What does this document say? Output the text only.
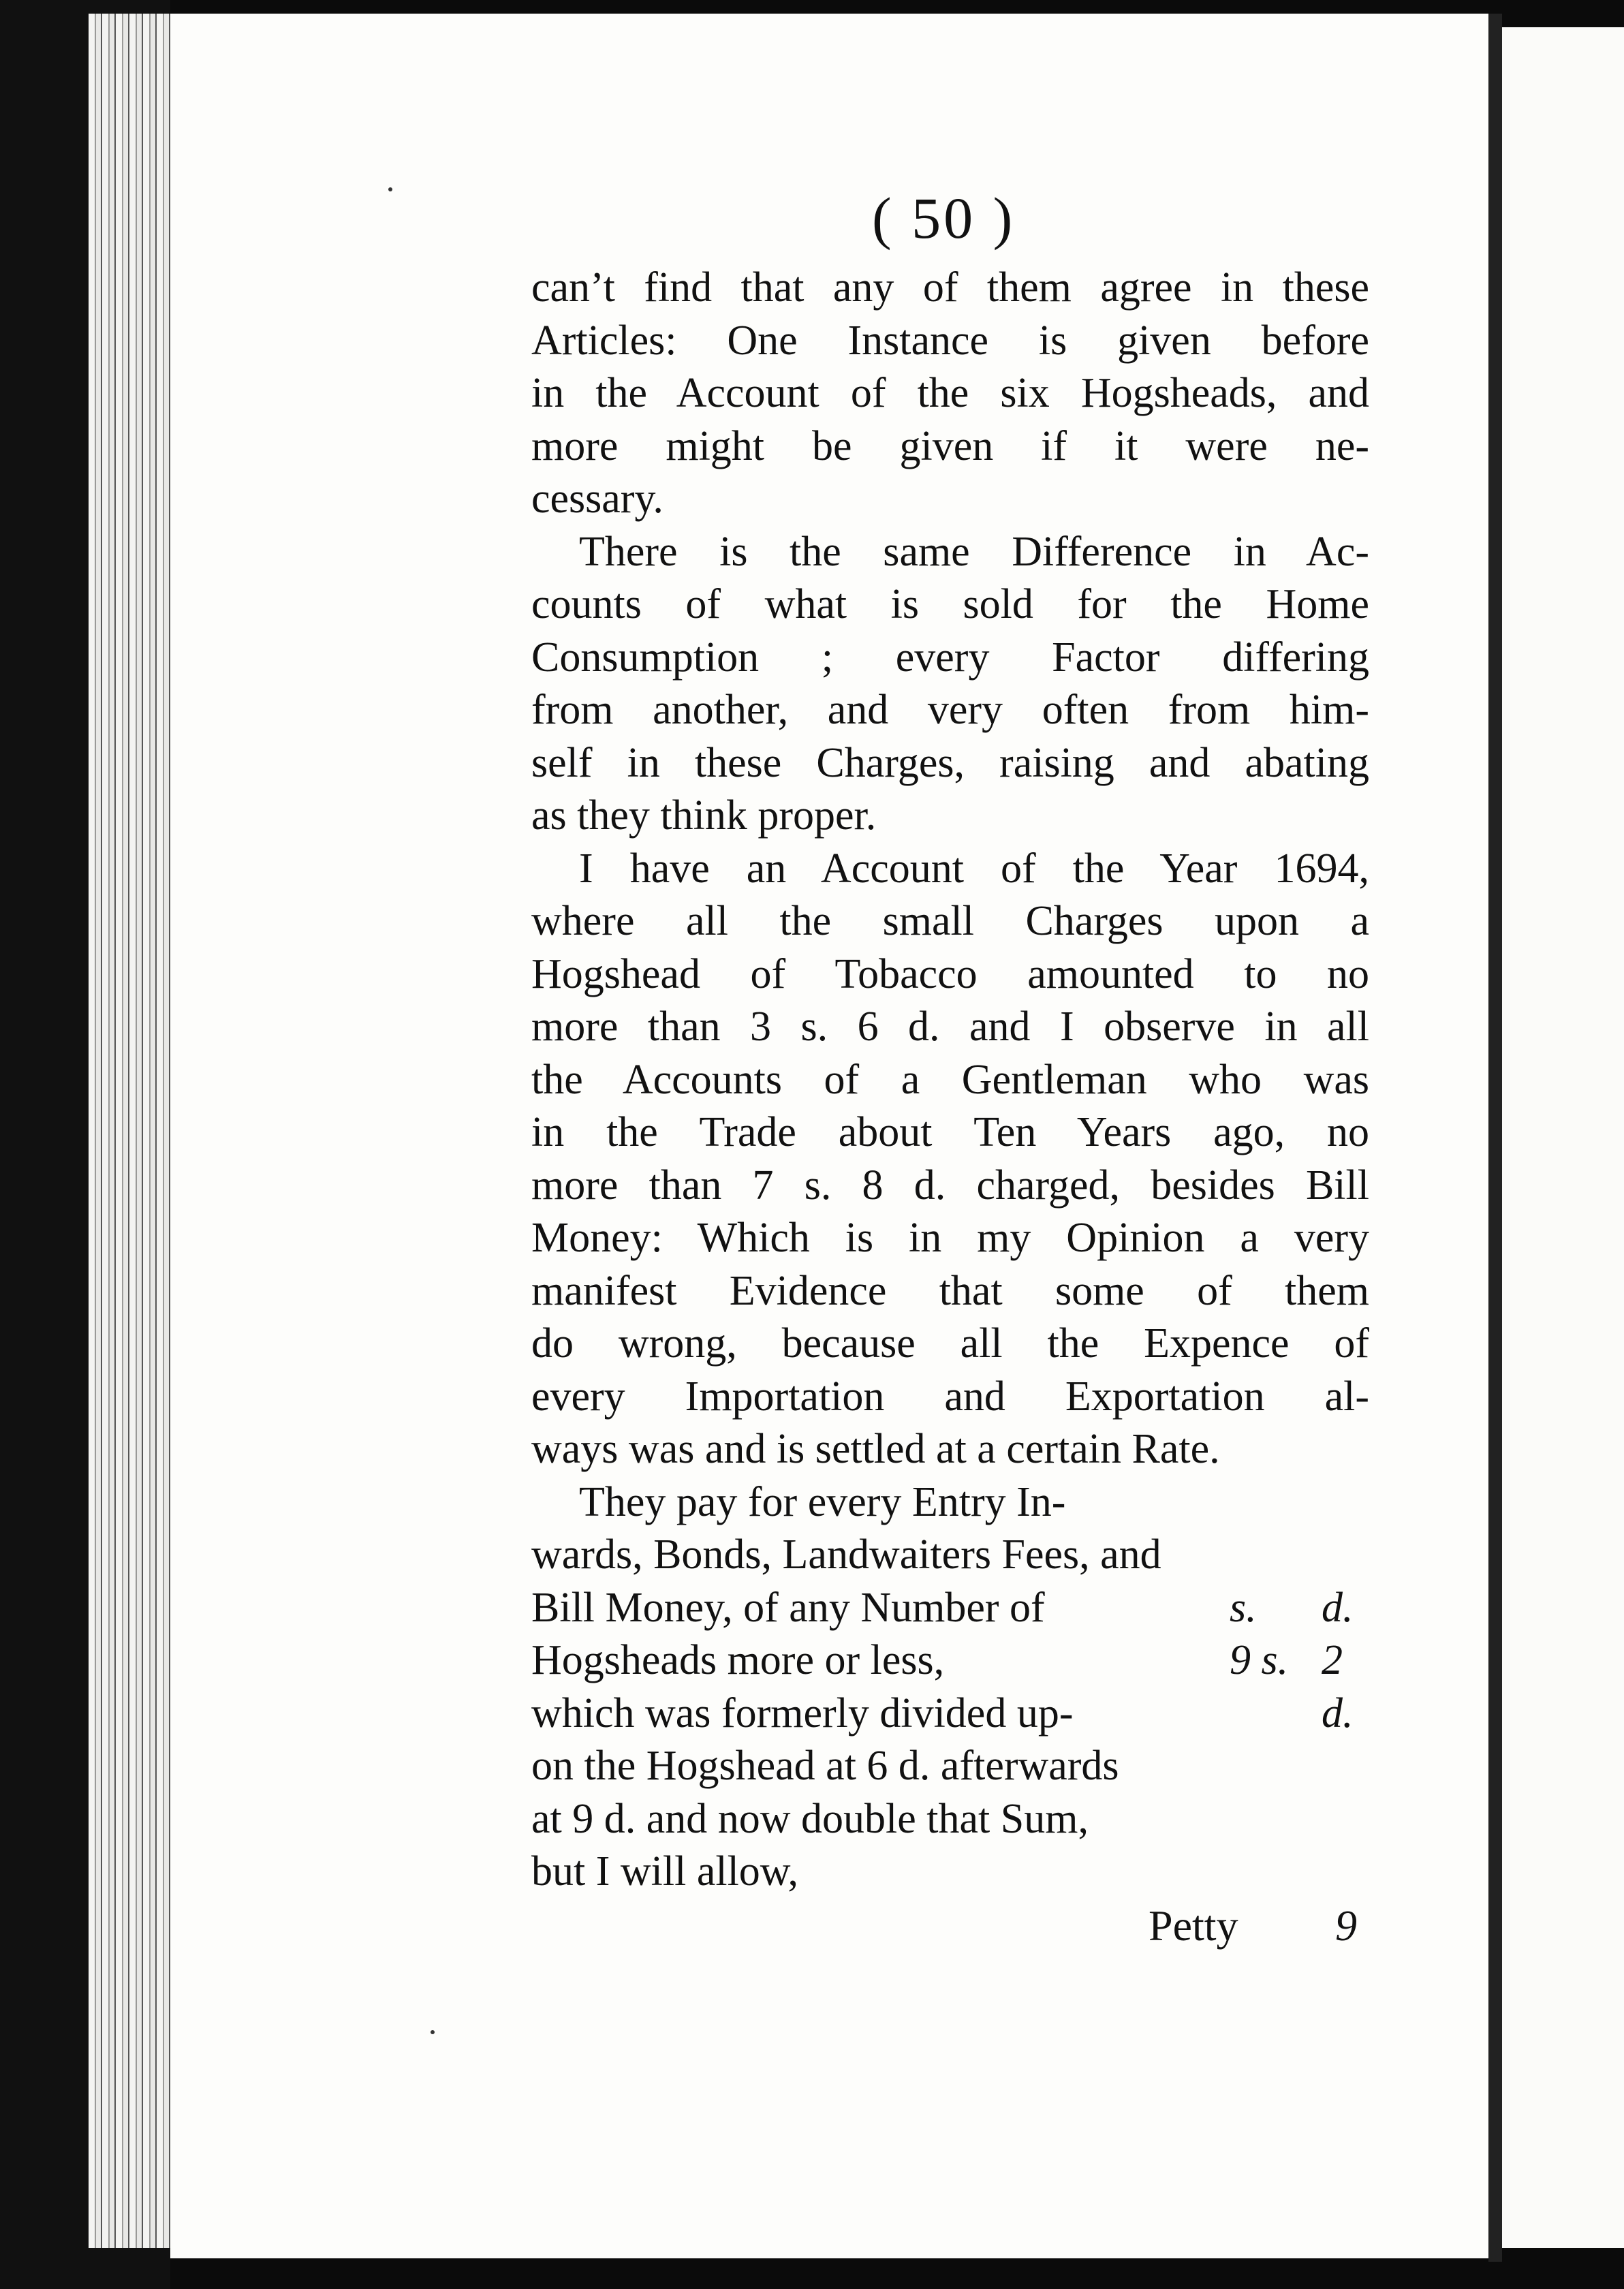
( 50 )
can’t find that any of them agree in these
Articles: One Instance is given before
in the Account of the six Hogsheads, and
more might be given if it were ne-
cessary.
There is the same Difference in Ac-
counts of what is sold for the Home
Consumption ; every Factor differing
from another, and very often from him-
self in these Charges, raising and abating
as they think proper.
I have an Account of the Year 1694,
where all the small Charges upon a
Hogshead of Tobacco amounted to no
more than 3 s. 6 d. and I observe in all
the Accounts of a Gentleman who was
in the Trade about Ten Years ago, no
more than 7 s. 8 d. charged, besides Bill
Money: Which is in my Opinion a very
manifest Evidence that some of them
do wrong, because all the Expence of
every Importation and Exportation al-
ways was and is settled at a certain Rate.
They pay for every Entry In-
wards, Bonds, Landwaiters Fees, and
Bill Money, of any Number of	s. d.
Hogsheads more or less,	9 s. 2 d.
which was formerly divided up-
on the Hogshead at 6 d. afterwards
at 9 d. and now double that Sum,
but I will allow,
Petty 9
